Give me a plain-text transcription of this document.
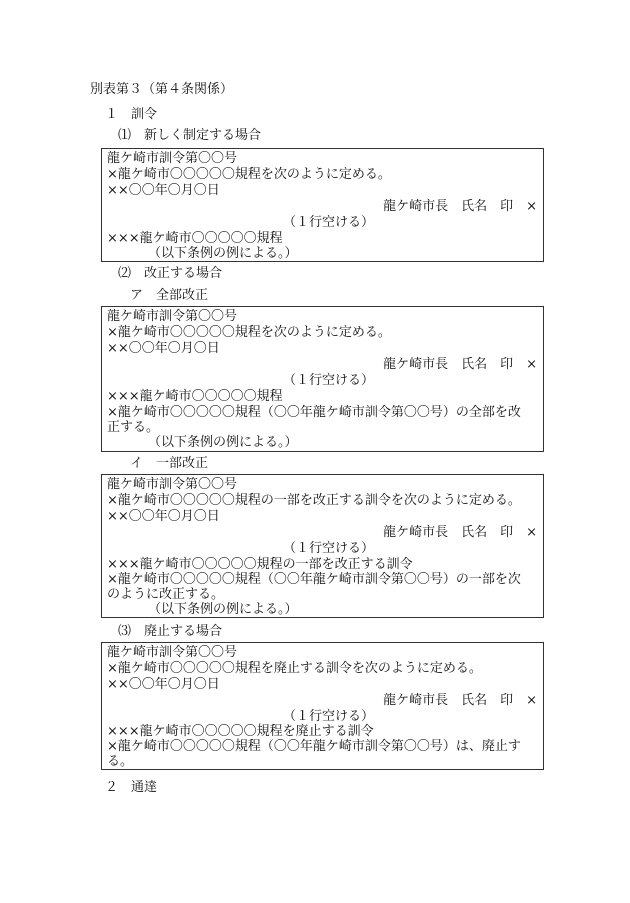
別表第３（第４条関係）
１　訓令
⑴　新しく制定する場合
龍ケ崎市訓令第〇〇号
×龍ケ崎市〇〇〇〇〇規程を次のように定める。
××〇〇年〇月〇日
龍ケ崎市長　氏名　印　×
（１行空ける）
×××龍ケ崎市〇〇〇〇〇規程
（以下条例の例による。）
⑵　改正する場合
ア　全部改正
龍ケ崎市訓令第〇〇号
×龍ケ崎市〇〇〇〇〇規程を次のように定める。
××〇〇年〇月〇日
龍ケ崎市長　氏名　印　×
（１行空ける）
×××龍ケ崎市〇〇〇〇〇規程
×龍ケ崎市〇〇〇〇〇規程（〇〇年龍ケ崎市訓令第〇〇号）の全部を改
正する。
（以下条例の例による。）
イ　一部改正
龍ケ崎市訓令第〇〇号
×龍ケ崎市〇〇〇〇〇規程の一部を改正する訓令を次のように定める。
××〇〇年〇月〇日
龍ケ崎市長　氏名　印　×
（１行空ける）
×××龍ケ崎市〇〇〇〇〇規程の一部を改正する訓令
×龍ケ崎市〇〇〇〇〇規程（〇〇年龍ケ崎市訓令第〇〇号）の一部を次
のように改正する。
（以下条例の例による。）
⑶　廃止する場合
龍ケ崎市訓令第〇〇号
×龍ケ崎市〇〇〇〇〇規程を廃止する訓令を次のように定める。
××〇〇年〇月〇日
龍ケ崎市長　氏名　印　×
（１行空ける）
×××龍ケ崎市〇〇〇〇〇規程を廃止する訓令
×龍ケ崎市〇〇〇〇〇規程（〇〇年龍ケ崎市訓令第〇〇号）は、廃止す
る。
２　通達
